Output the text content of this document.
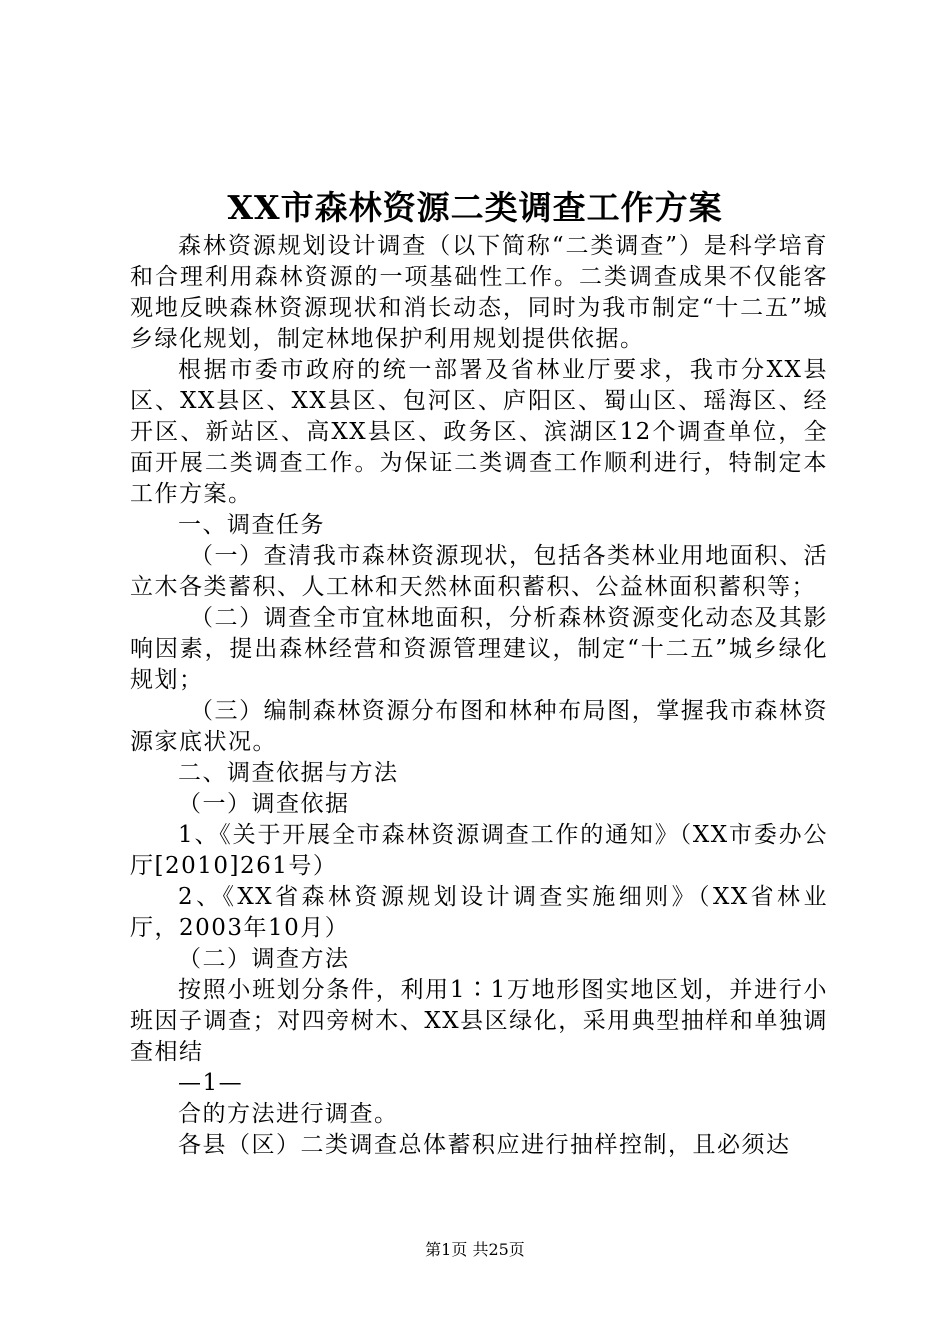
XX市森林资源二类调查工作方案

森林资源规划设计调查（以下简称“二类调查”）是科学培育和合理利用森林资源的一项基础性工作。二类调查成果不仅能客观地反映森林资源现状和消长动态，同时为我市制定“十二五”城乡绿化规划，制定林地保护利用规划提供依据。

根据市委市政府的统一部署及省林业厅要求，我市分XX县区、XX县区、XX县区、包河区、庐阳区、蜀山区、瑶海区、经开区、新站区、高XX县区、政务区、滨湖区12个调查单位，全面开展二类调查工作。为保证二类调查工作顺利进行，特制定本工作方案。

一、调查任务

（一）查清我市森林资源现状，包括各类林业用地面积、活立木各类蓄积、人工林和天然林面积蓄积、公益林面积蓄积等；

（二）调查全市宜林地面积，分析森林资源变化动态及其影响因素，提出森林经营和资源管理建议，制定“十二五”城乡绿化规划；

（三）编制森林资源分布图和林种布局图，掌握我市森林资源家底状况。

二、调查依据与方法

（一）调查依据

1、《关于开展全市森林资源调查工作的通知》（XX市委办公厅[2010]261号）

2、《XX省森林资源规划设计调查实施细则》（XX省林业厅，2003年10月）

（二）调查方法

按照小班划分条件，利用1∶1万地形图实地区划，并进行小班因子调查；对四旁树木、XX县区绿化，采用典型抽样和单独调查相结

—1—

合的方法进行调查。

各县（区）二类调查总体蓄积应进行抽样控制，且必须达

第1页 共25页
